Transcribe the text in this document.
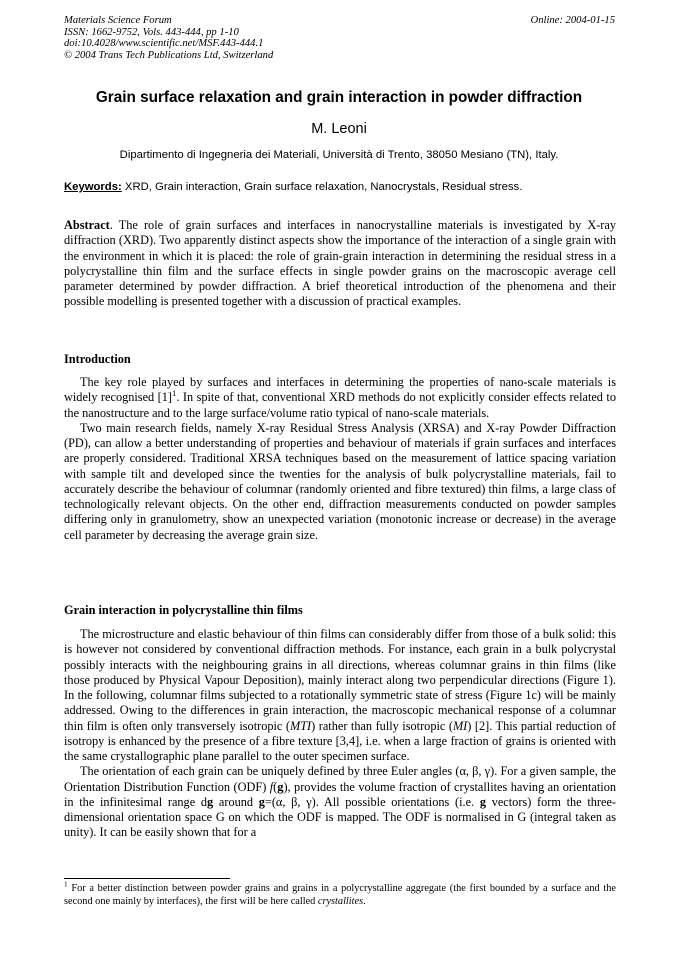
Materials Science Forum	Online: 2004-01-15
ISSN: 1662-9752, Vols. 443-444, pp 1-10
doi:10.4028/www.scientific.net/MSF.443-444.1
© 2004 Trans Tech Publications Ltd, Switzerland
Grain surface relaxation and grain interaction in powder diffraction
M. Leoni
Dipartimento di Ingegneria dei Materiali, Università di Trento, 38050 Mesiano (TN), Italy.
Keywords: XRD, Grain interaction, Grain surface relaxation, Nanocrystals, Residual stress.

Abstract. The role of grain surfaces and interfaces in nanocrystalline materials is investigated by X-ray diffraction (XRD). Two apparently distinct aspects show the importance of the interaction of a single grain with the environment in which it is placed: the role of grain-grain interaction in determining the residual stress in a polycrystalline thin film and the surface effects in single powder grains on the macroscopic average cell parameter determined by powder diffraction. A brief theoretical introduction of the phenomena and their possible modelling is presented together with a discussion of practical examples.

Introduction

The key role played by surfaces and interfaces in determining the properties of nano-scale materials is widely recognised $[1]^1$. In spite of that, conventional XRD methods do not explicitly consider effects related to the nanostructure and to the large surface/volume ratio typical of nano-scale materials.

Two main research fields, namely X-ray Residual Stress Analysis (XRSA) and X-ray Powder Diffraction (PD), can allow a better understanding of properties and behaviour of materials if grain surfaces and interfaces are properly considered. Traditional XRSA techniques based on the measurement of lattice spacing variation with sample tilt and developed since the twenties for the analysis of bulk polycrystalline materials, fail to accurately describe the behaviour of columnar (randomly oriented and fibre textured) thin films, a large class of technologically relevant objects. On the other end, diffraction measurements conducted on powder samples differing only in granulometry, show an unexpected variation (monotonic increase or decrease) in the average cell parameter by decreasing the average grain size.

Grain interaction in polycrystalline thin films

The microstructure and elastic behaviour of thin films can considerably differ from those of a bulk solid: this is however not considered by conventional diffraction methods. For instance, each grain in a bulk polycrystal possibly interacts with the neighbouring grains in all directions, whereas columnar grains in thin films (like those produced by Physical Vapour Deposition), mainly interact along two perpendicular directions (Figure 1). In the following, columnar films subjected to a rotationally symmetric state of stress (Figure 1c) will be mainly addressed. Owing to the differences in grain interaction, the macroscopic mechanical response of a columnar thin film is often only transversely isotropic (MTI) rather than fully isotropic (MI) [2]. This partial reduction of isotropy is enhanced by the presence of a fibre texture [3,4], i.e. when a large fraction of grains is oriented with the same crystallographic plane parallel to the outer specimen surface.

The orientation of each grain can be uniquely defined by three Euler angles (α, β, γ). For a given sample, the Orientation Distribution Function (ODF) f(g), provides the volume fraction of crystallites having an orientation in the infinitesimal range dg around g=(α, β, γ). All possible orientations (i.e. g vectors) form the three-dimensional orientation space G on which the ODF is mapped. The ODF is normalised in G (integral taken as unity). It can be easily shown that for a

$^1$ For a better distinction between powder grains and grains in a polycrystalline aggregate (the first bounded by a surface and the second one mainly by interfaces), the first will be here called crystallites.
